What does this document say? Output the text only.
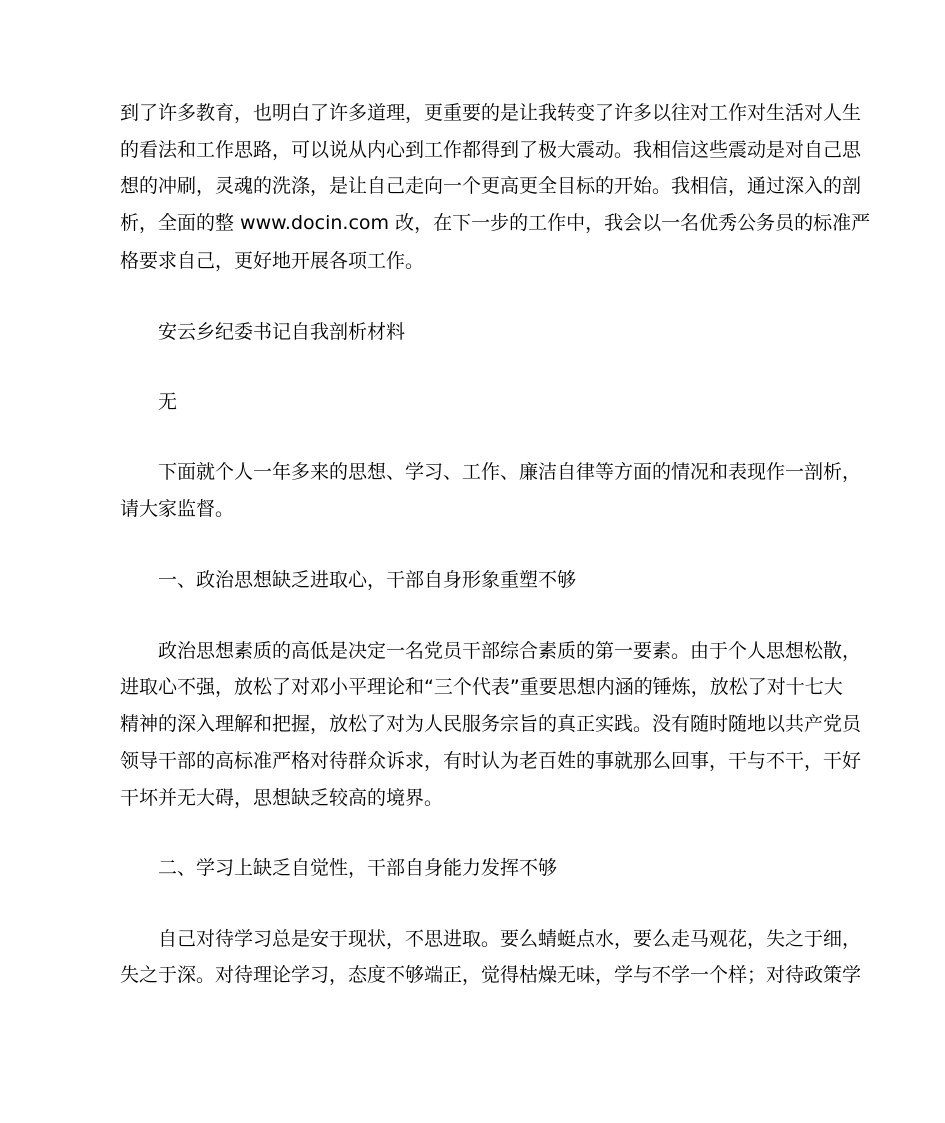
到了许多教育，也明白了许多道理，更重要的是让我转变了许多以往对工作对生活对人生
的看法和工作思路，可以说从内心到工作都得到了极大震动。我相信这些震动是对自己思
想的冲刷，灵魂的洗涤，是让自己走向一个更高更全目标的开始。我相信，通过深入的剖
析，全面的整 www.docin.com 改，在下一步的工作中，我会以一名优秀公务员的标准严
格要求自己，更好地开展各项工作。
安云乡纪委书记自我剖析材料
无
下面就个人一年多来的思想、学习、工作、廉洁自律等方面的情况和表现作一剖析，
请大家监督。
一、政治思想缺乏进取心，干部自身形象重塑不够
政治思想素质的高低是决定一名党员干部综合素质的第一要素。由于个人思想松散，
进取心不强，放松了对邓小平理论和“三个代表”重要思想内涵的锤炼，放松了对十七大
精神的深入理解和把握，放松了对为人民服务宗旨的真正实践。没有随时随地以共产党员
领导干部的高标准严格对待群众诉求，有时认为老百姓的事就那么回事，干与不干，干好
干坏并无大碍，思想缺乏较高的境界。
二、学习上缺乏自觉性，干部自身能力发挥不够
自己对待学习总是安于现状，不思进取。要么蜻蜓点水，要么走马观花，失之于细，
失之于深。对待理论学习，态度不够端正，觉得枯燥无味，学与不学一个样；对待政策学
